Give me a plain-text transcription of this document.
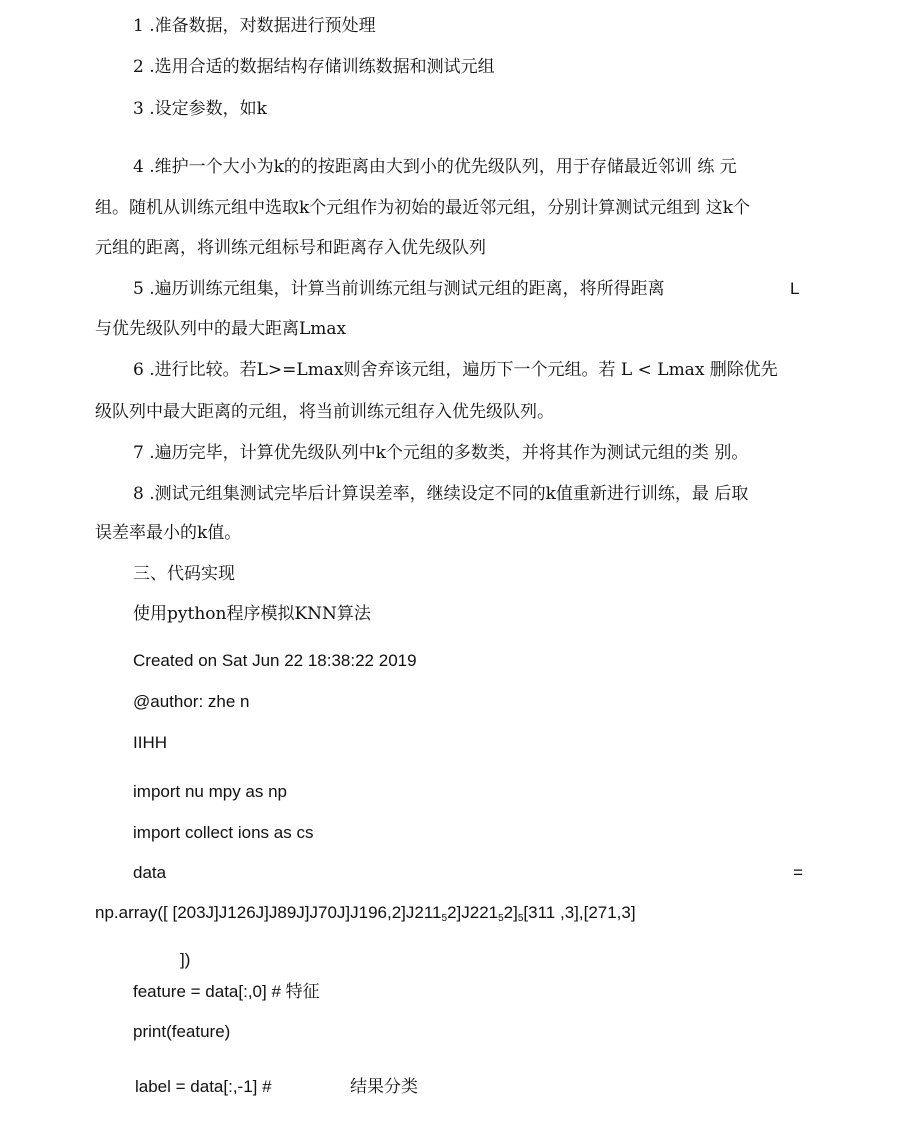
1 .准备数据，对数据进行预处理

2 .选用合适的数据结构存储训练数据和测试元组

3 .设定参数，如k

4 .维护一个大小为k的的按距离由大到小的优先级队列，用于存储最近邻训 练 元

组。随机从训练元组中选取k个元组作为初始的最近邻元组，分别计算测试元组到 这k个

元组的距离，将训练元组标号和距离存入优先级队列

5 .遍历训练元组集，计算当前训练元组与测试元组的距离，将所得距离	L

与优先级队列中的最大距离Lmax

6 .进行比较。若L>=Lmax则舍弃该元组，遍历下一个元组。若 L < Lmax 删除优先

级队列中最大距离的元组，将当前训练元组存入优先级队列。

7 .遍历完毕，计算优先级队列中k个元组的多数类，并将其作为测试元组的类 别。

8 .测试元组集测试完毕后计算误差率，继续设定不同的k值重新进行训练，最 后取

误差率最小的k值。

三、代码实现

使用python程序模拟KNN算法

Created on Sat Jun 22 18:38:22 2019

@author: zhe n

IIHH

import nu mpy as np

import collect ions as cs

data	=

np.array([ $[203J]J126J]J89J]J70J]J196,2]J211_52]J221_52]_5[311$ ,3],[271,3]

])

feature = data[:,0] # 特征

print(feature)

label = data[:,-1] #	结果分类
